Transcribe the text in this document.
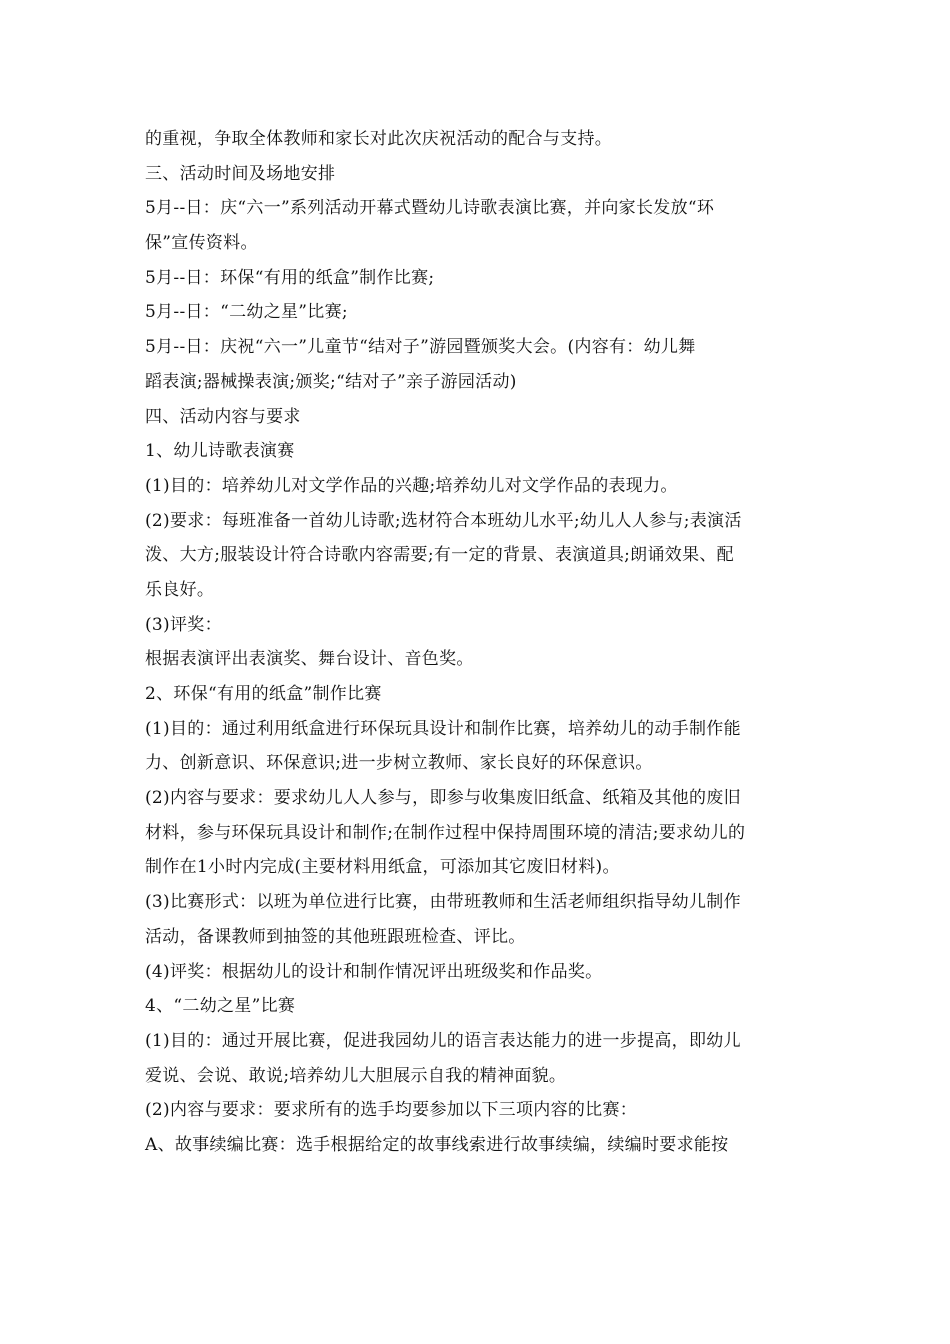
的重视，争取全体教师和家长对此次庆祝活动的配合与支持。
三、活动时间及场地安排
5月--日：庆“六一”系列活动开幕式暨幼儿诗歌表演比赛，并向家长发放“环
保”宣传资料。
5月--日：环保“有用的纸盒”制作比赛;
5月--日：“二幼之星”比赛;
5月--日：庆祝“六一”儿童节“结对子”游园暨颁奖大会。(内容有：幼儿舞
蹈表演;器械操表演;颁奖;“结对子”亲子游园活动)
四、活动内容与要求
1、幼儿诗歌表演赛
(1)目的：培养幼儿对文学作品的兴趣;培养幼儿对文学作品的表现力。
(2)要求：每班准备一首幼儿诗歌;选材符合本班幼儿水平;幼儿人人参与;表演活
泼、大方;服装设计符合诗歌内容需要;有一定的背景、表演道具;朗诵效果、配
乐良好。
(3)评奖：
根据表演评出表演奖、舞台设计、音色奖。
2、环保“有用的纸盒”制作比赛
(1)目的：通过利用纸盒进行环保玩具设计和制作比赛，培养幼儿的动手制作能
力、创新意识、环保意识;进一步树立教师、家长良好的环保意识。
(2)内容与要求：要求幼儿人人参与，即参与收集废旧纸盒、纸箱及其他的废旧
材料，参与环保玩具设计和制作;在制作过程中保持周围环境的清洁;要求幼儿的
制作在1小时内完成(主要材料用纸盒，可添加其它废旧材料)。
(3)比赛形式：以班为单位进行比赛，由带班教师和生活老师组织指导幼儿制作
活动，备课教师到抽签的其他班跟班检查、评比。
(4)评奖：根据幼儿的设计和制作情况评出班级奖和作品奖。
4、“二幼之星”比赛
(1)目的：通过开展比赛，促进我园幼儿的语言表达能力的进一步提高，即幼儿
爱说、会说、敢说;培养幼儿大胆展示自我的精神面貌。
(2)内容与要求：要求所有的选手均要参加以下三项内容的比赛：
A、故事续编比赛：选手根据给定的故事线索进行故事续编，续编时要求能按
